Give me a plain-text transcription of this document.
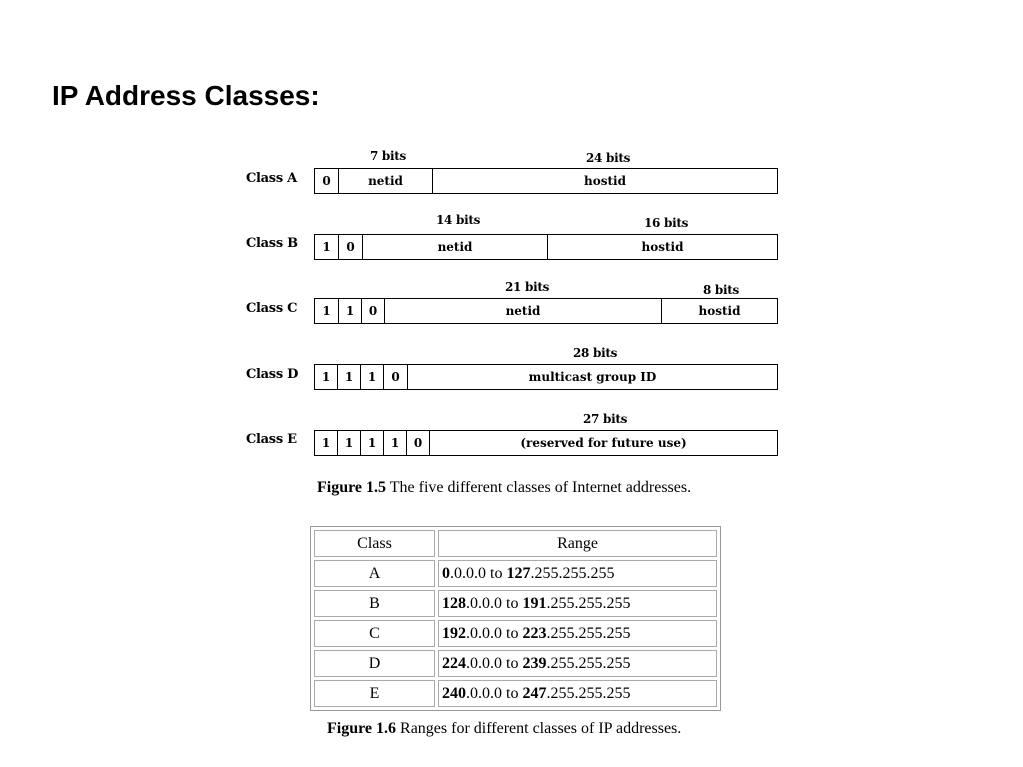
IP Address Classes:
Class A
7 bits	24 bits
0	netid	hostid
Class B
14 bits	16 bits
1	0	netid	hostid
Class C
21 bits	8 bits
1	1	0	netid	hostid
Class D
28 bits
1	1	1	0	multicast group ID
Class E
27 bits
1	1	1	1	0	(reserved for future use)
Figure 1.5 The five different classes of Internet addresses.
Class	Range
A	0.0.0.0 to 127.255.255.255
B	128.0.0.0 to 191.255.255.255
C	192.0.0.0 to 223.255.255.255
D	224.0.0.0 to 239.255.255.255
E	240.0.0.0 to 247.255.255.255
Figure 1.6 Ranges for different classes of IP addresses.
